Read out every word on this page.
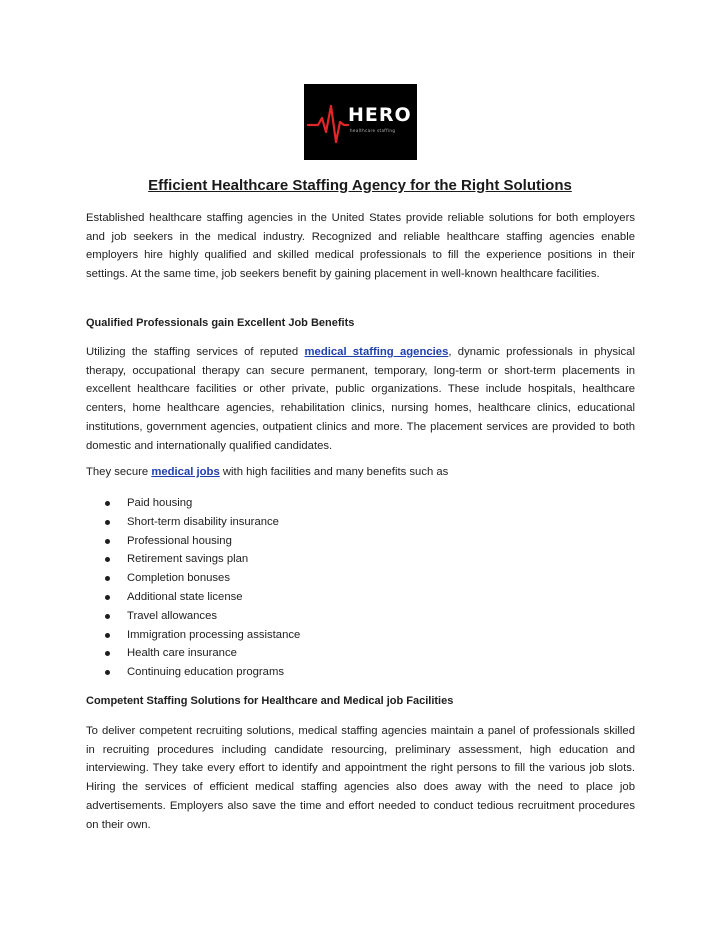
HERO
healthcare staffing
Efficient Healthcare Staffing Agency for the Right Solutions

Established healthcare staffing agencies in the United States provide reliable solutions for both employers and job seekers in the medical industry. Recognized and reliable healthcare staffing agencies enable employers hire highly qualified and skilled medical professionals to fill the experience positions in their settings. At the same time, job seekers benefit by gaining placement in well-known healthcare facilities.

Qualified Professionals gain Excellent Job Benefits

Utilizing the staffing services of reputed medical staffing agencies, dynamic professionals in physical therapy, occupational therapy can secure permanent, temporary, long-term or short-term placements in excellent healthcare facilities or other private, public organizations. These include hospitals, healthcare centers, home healthcare agencies, rehabilitation clinics, nursing homes, healthcare clinics, educational institutions, government agencies, outpatient clinics and more. The placement services are provided to both domestic and internationally qualified candidates.

They secure medical jobs with high facilities and many benefits such as

Paid housing
Short-term disability insurance
Professional housing
Retirement savings plan
Completion bonuses
Additional state license
Travel allowances
Immigration processing assistance
Health care insurance
Continuing education programs

Competent Staffing Solutions for Healthcare and Medical job Facilities

To deliver competent recruiting solutions, medical staffing agencies maintain a panel of professionals skilled in recruiting procedures including candidate resourcing, preliminary assessment, high education and interviewing. They take every effort to identify and appointment the right persons to fill the various job slots. Hiring the services of efficient medical staffing agencies also does away with the need to place job advertisements. Employers also save the time and effort needed to conduct tedious recruitment procedures on their own.
